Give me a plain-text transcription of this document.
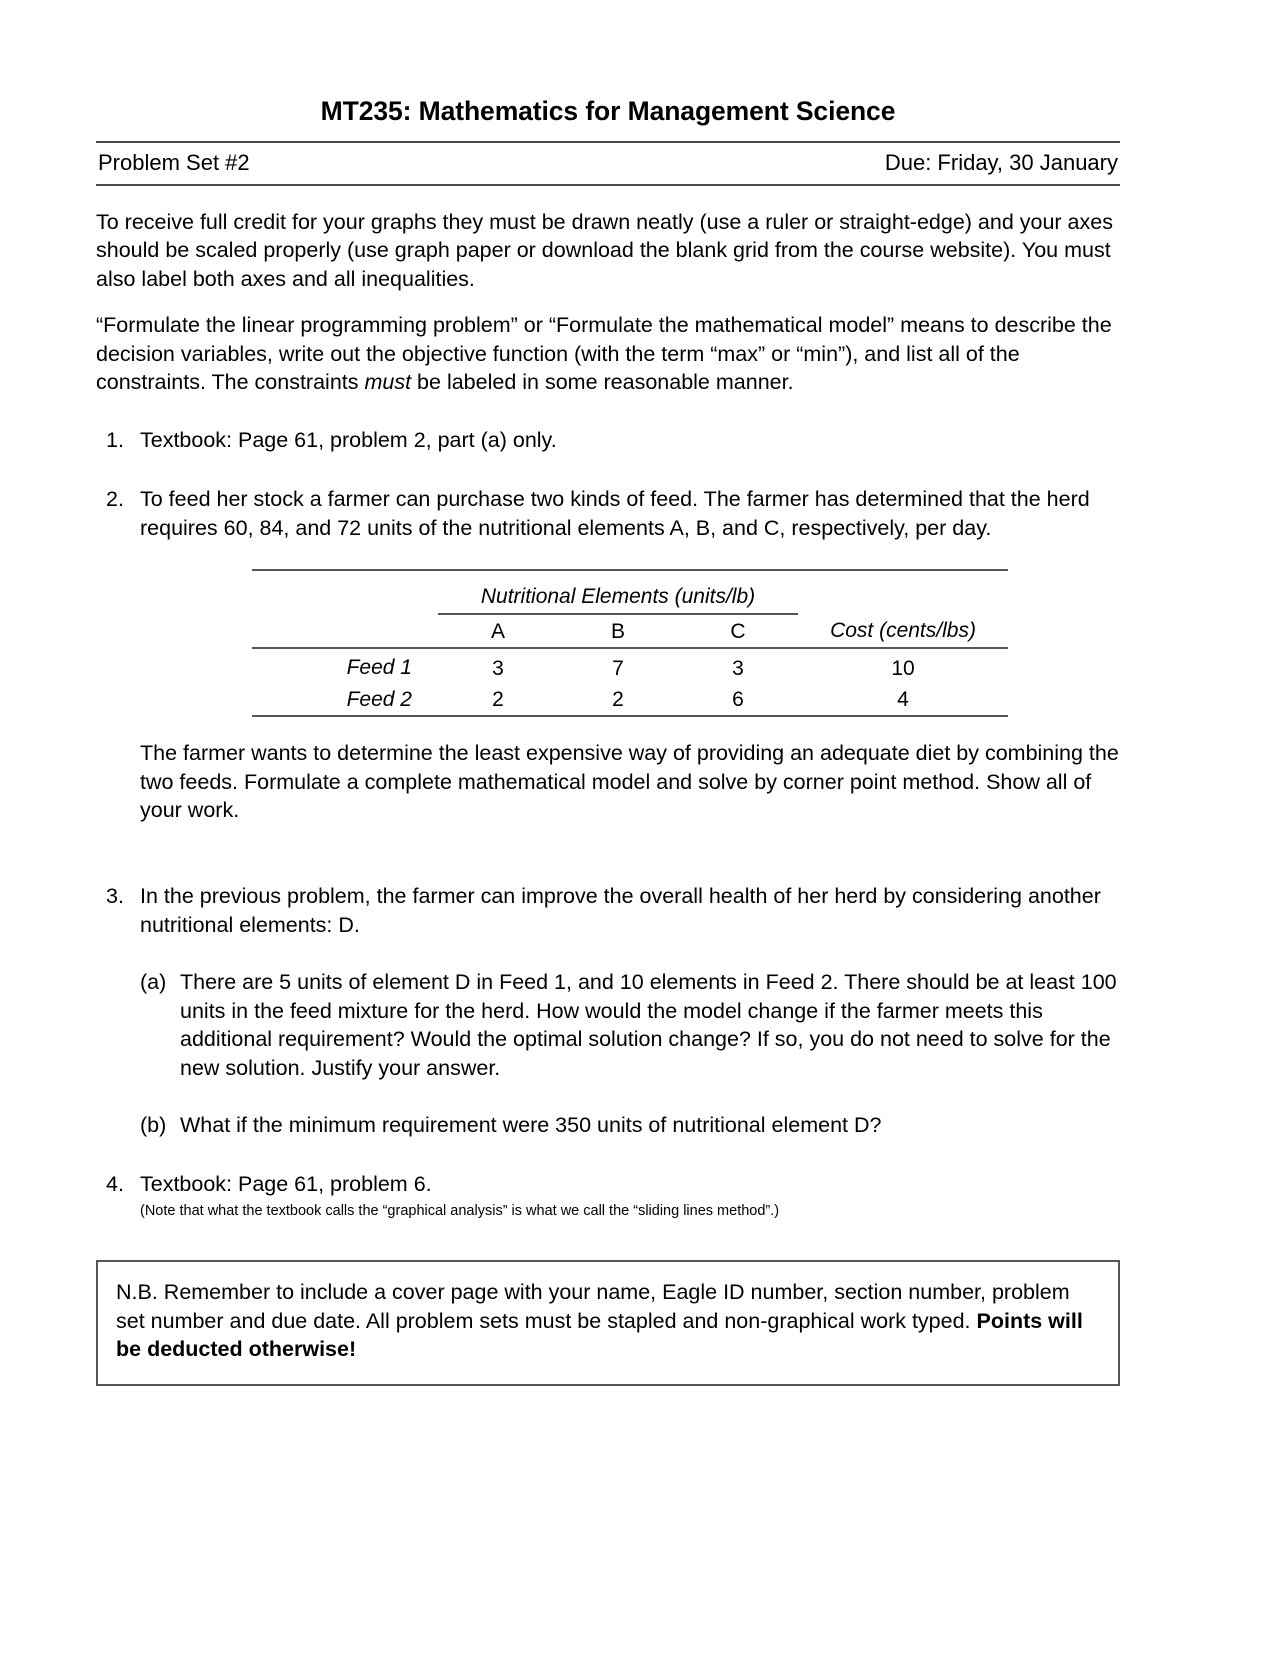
MT235: Mathematics for Management Science
Problem Set #2	Due: Friday, 30 January

To receive full credit for your graphs they must be drawn neatly (use a ruler or straight-edge) and your axes should be scaled properly (use graph paper or download the blank grid from the course website). You must also label both axes and all inequalities.

“Formulate the linear programming problem” or “Formulate the mathematical model” means to describe the decision variables, write out the objective function (with the term “max” or “min”), and list all of the constraints. The constraints must be labeled in some reasonable manner.

1. Textbook: Page 61, problem 2, part (a) only.
2. To feed her stock a farmer can purchase two kinds of feed. The farmer has determined that the herd requires 60, 84, and 72 units of the nutritional elements A, B, and C, respectively, per day.

	Nutritional Elements (units/lb)			

	A	B	C	Cost (cents/lbs)

Feed 1	3	7	3	10
Feed 2	2	2	6	4

The farmer wants to determine the least expensive way of providing an adequate diet by combining the two feeds. Formulate a complete mathematical model and solve by corner point method. Show all of your work.
3. In the previous problem, the farmer can improve the overall health of her herd by considering another nutritional elements: D.
(a) There are 5 units of element D in Feed 1, and 10 elements in Feed 2. There should be at least 100 units in the feed mixture for the herd. How would the model change if the farmer meets this additional requirement? Would the optimal solution change? If so, you do not need to solve for the new solution. Justify your answer.
(b) What if the minimum requirement were 350 units of nutritional element D?
4. Textbook: Page 61, problem 6.
(Note that what the textbook calls the “graphical analysis” is what we call the “sliding lines method”.)
N.B. Remember to include a cover page with your name, Eagle ID number, section number, problem set number and due date. All problem sets must be stapled and non-graphical work typed. Points will be deducted otherwise!
